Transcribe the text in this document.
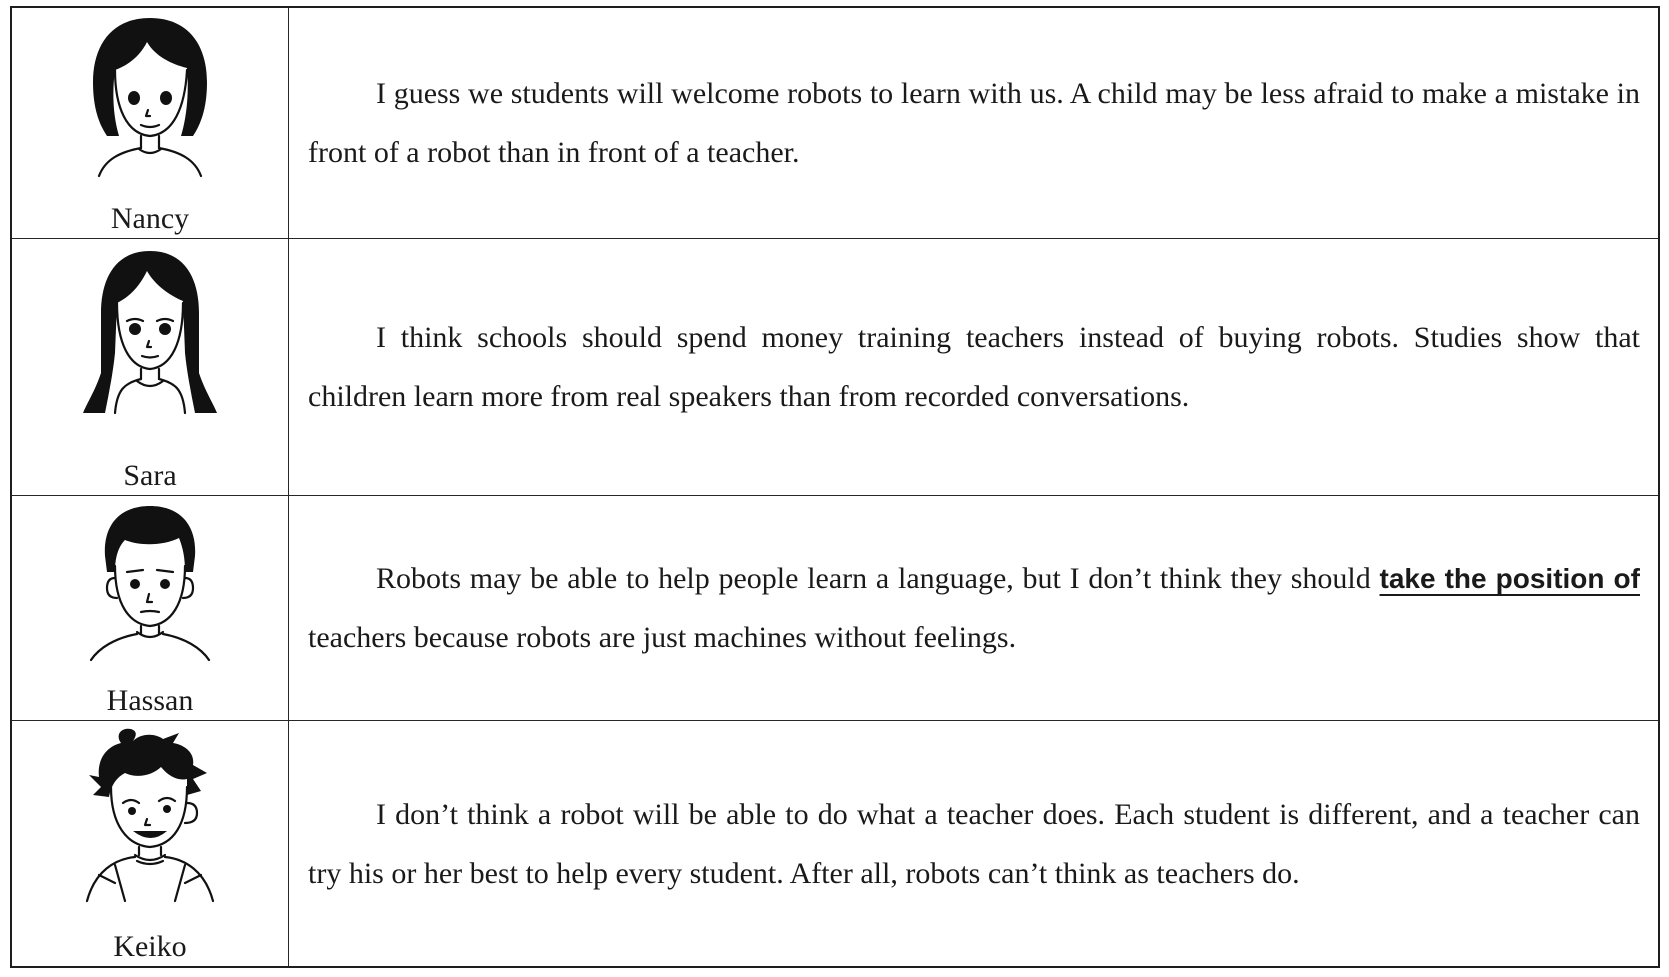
Nancy

I guess we students will welcome robots to learn with us. A child may be less afraid to make a mistake in front of a robot than in front of a teacher.

Sara

I think schools should spend money training teachers instead of buying robots. Studies show that children learn more from real speakers than from recorded conversations.

Hassan

Robots may be able to help people learn a language, but I don’t think they should take the position of teachers because robots are just machines without feelings.

Keiko

I don’t think a robot will be able to do what a teacher does. Each student is different, and a teacher can try his or her best to help every student. After all, robots can’t think as teachers do.
